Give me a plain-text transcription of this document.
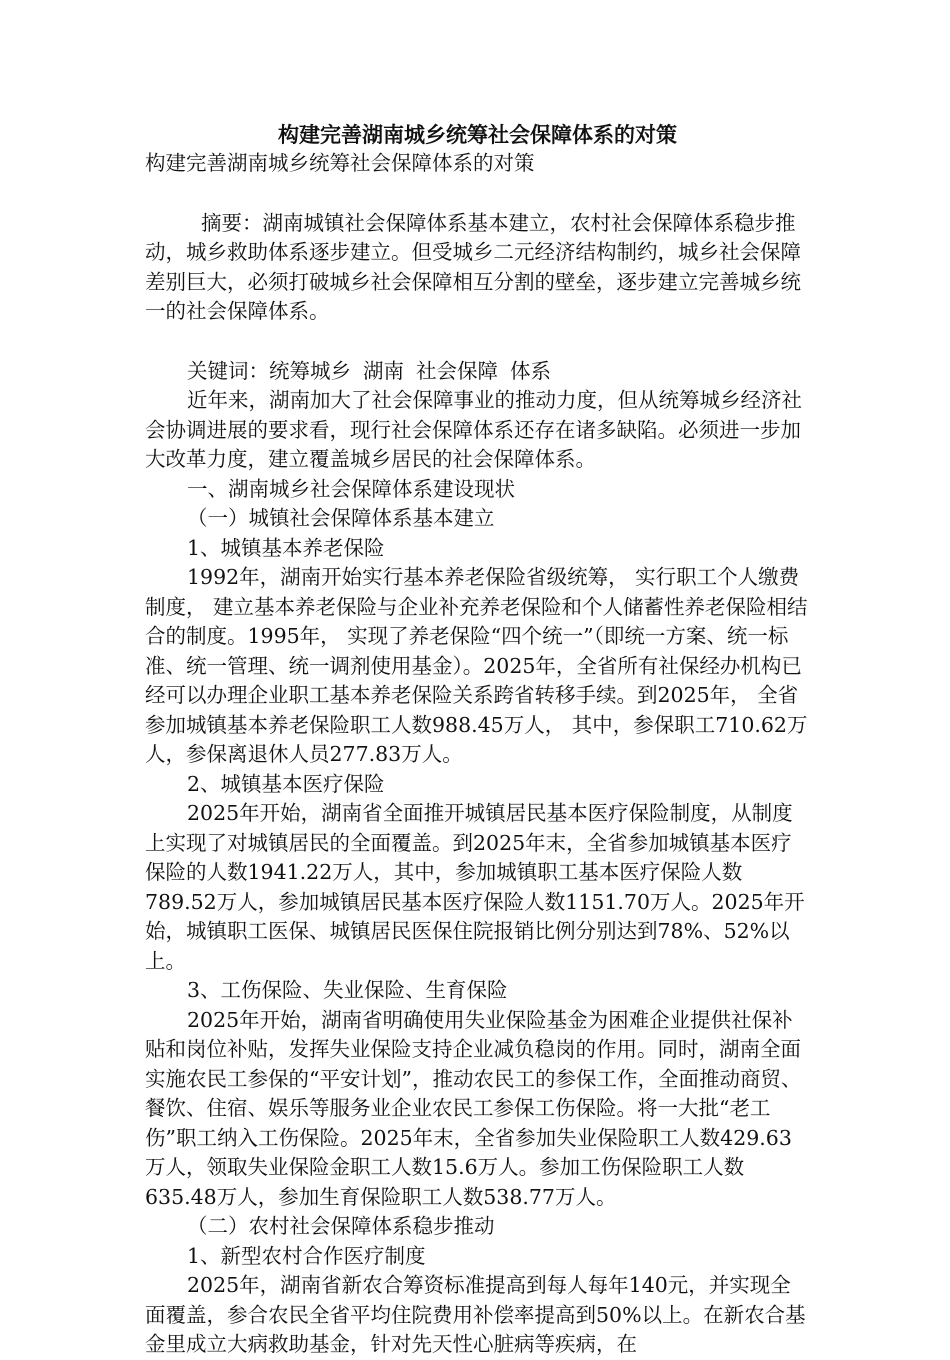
构建完善湖南城乡统筹社会保障体系的对策

构建完善湖南城乡统筹社会保障体系的对策

摘要：湖南城镇社会保障体系基本建立，农村社会保障体系稳步推动，城乡救助体系逐步建立。但受城乡二元经济结构制约，城乡社会保障差别巨大，必须打破城乡社会保障相互分割的壁垒，逐步建立完善城乡统一的社会保障体系。

关键词：统筹城乡 湖南 社会保障 体系

近年来，湖南加大了社会保障事业的推动力度，但从统筹城乡经济社会协调进展的要求看，现行社会保障体系还存在诸多缺陷。必须进一步加大改革力度，建立覆盖城乡居民的社会保障体系。

一、湖南城乡社会保障体系建设现状

（一）城镇社会保障体系基本建立

1、城镇基本养老保险

1992年，湖南开始实行基本养老保险省级统筹， 实行职工个人缴费制度， 建立基本养老保险与企业补充养老保险和个人储蓄性养老保险相结合的制度。1995年， 实现了养老保险“四个统一”（即统一方案、统一标准、统一管理、统一调剂使用基金）。2025年，全省所有社保经办机构已经可以办理企业职工基本养老保险关系跨省转移手续。到2025年， 全省参加城镇基本养老保险职工人数988.45万人， 其中，参保职工710.62万人，参保离退休人员277.83万人。

2、城镇基本医疗保险

2025年开始，湖南省全面推开城镇居民基本医疗保险制度，从制度上实现了对城镇居民的全面覆盖。到2025年末，全省参加城镇基本医疗保险的人数1941.22万人，其中，参加城镇职工基本医疗保险人数789.52万人，参加城镇居民基本医疗保险人数1151.70万人。2025年开始，城镇职工医保、城镇居民医保住院报销比例分别达到78%、52%以上。

3、工伤保险、失业保险、生育保险

2025年开始，湖南省明确使用失业保险基金为困难企业提供社保补贴和岗位补贴，发挥失业保险支持企业减负稳岗的作用。同时，湖南全面实施农民工参保的“平安计划”，推动农民工的参保工作，全面推动商贸、餐饮、住宿、娱乐等服务业企业农民工参保工伤保险。将一大批“老工伤”职工纳入工伤保险。2025年末，全省参加失业保险职工人数429.63万人，领取失业保险金职工人数15.6万人。参加工伤保险职工人数635.48万人，参加生育保险职工人数538.77万人。

（二）农村社会保障体系稳步推动

1、新型农村合作医疗制度

2025年，湖南省新农合筹资标准提高到每人每年140元，并实现全面覆盖，参合农民全省平均住院费用补偿率提高到50%以上。在新农合基金里成立大病救助基金，针对先天性心脏病等疾病，在
